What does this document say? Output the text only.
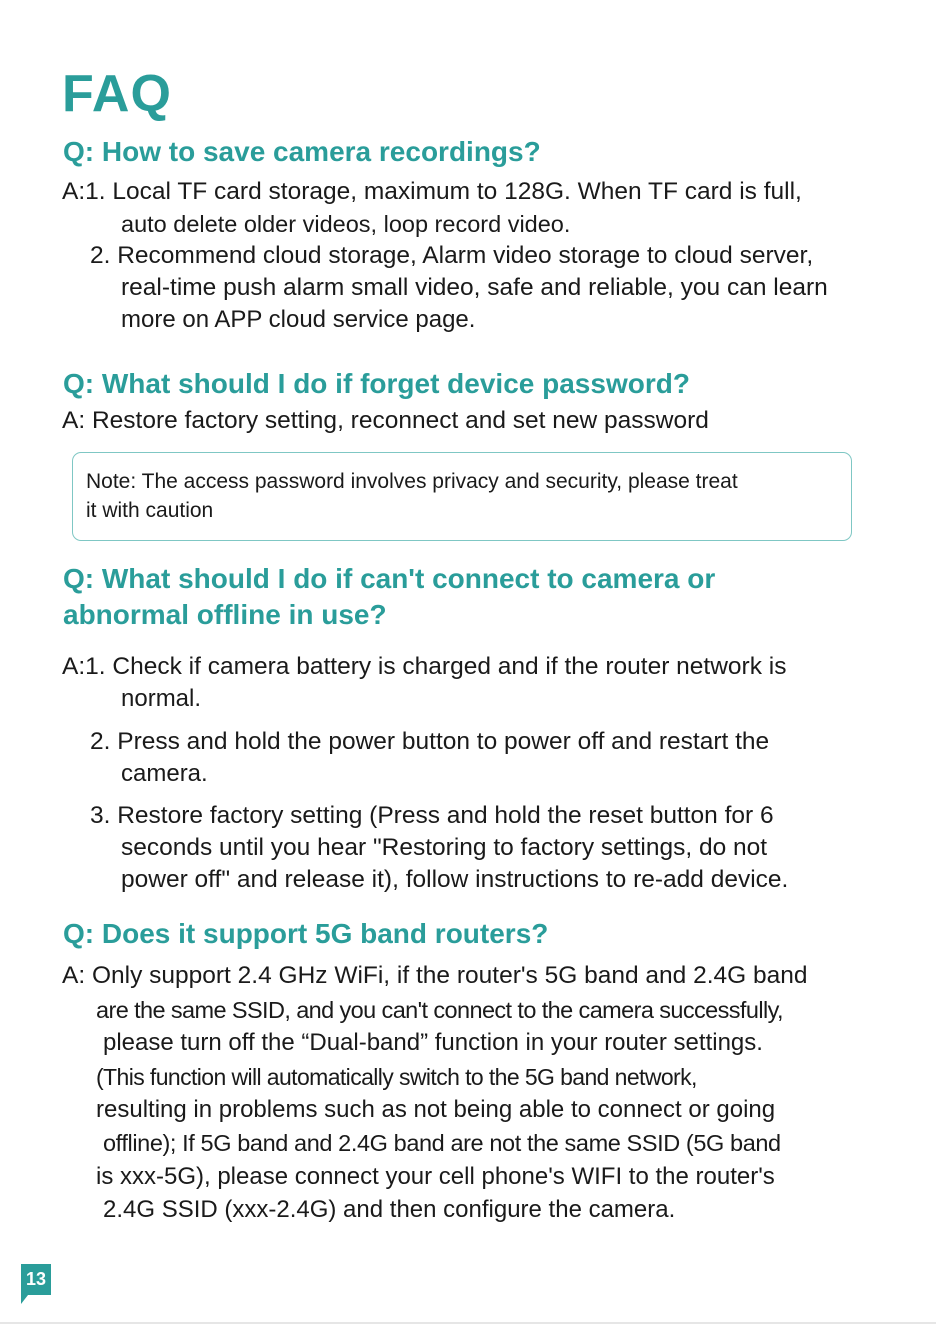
FAQ
Q: How to save camera recordings?
A:1. Local TF card storage, maximum to 128G. When TF card is full,
auto delete older videos, loop record video.
2. Recommend cloud storage, Alarm video storage to cloud server,
real-time push alarm small video, safe and reliable, you can learn
more on APP cloud service page.
Q: What should I do if forget device password?
A: Restore factory setting, reconnect and set new password
Note: The access password involves privacy and security, please treat
it with caution
Q: What should I do if can't connect to camera or
abnormal offline in use?
A:1. Check if camera battery is charged and if the router network is
normal.
2. Press and hold the power button to power off and restart the
camera.
3. Restore factory setting (Press and hold the reset button for 6
seconds until you hear "Restoring to factory settings, do not
power off" and release it), follow instructions to re-add device.
Q: Does it support 5G band routers?
A: Only support 2.4 GHz WiFi, if the router's 5G band and 2.4G band
are the same SSID, and you can't connect to the camera successfully,
please turn off the “Dual-band” function in your router settings.
(This function will automatically switch to the 5G band network,
resulting in problems such as not being able to connect or going
offline); If 5G band and 2.4G band are not the same SSID (5G band
is xxx-5G), please connect your cell phone's WIFI to the router's
2.4G SSID (xxx-2.4G) and then configure the camera.
13
